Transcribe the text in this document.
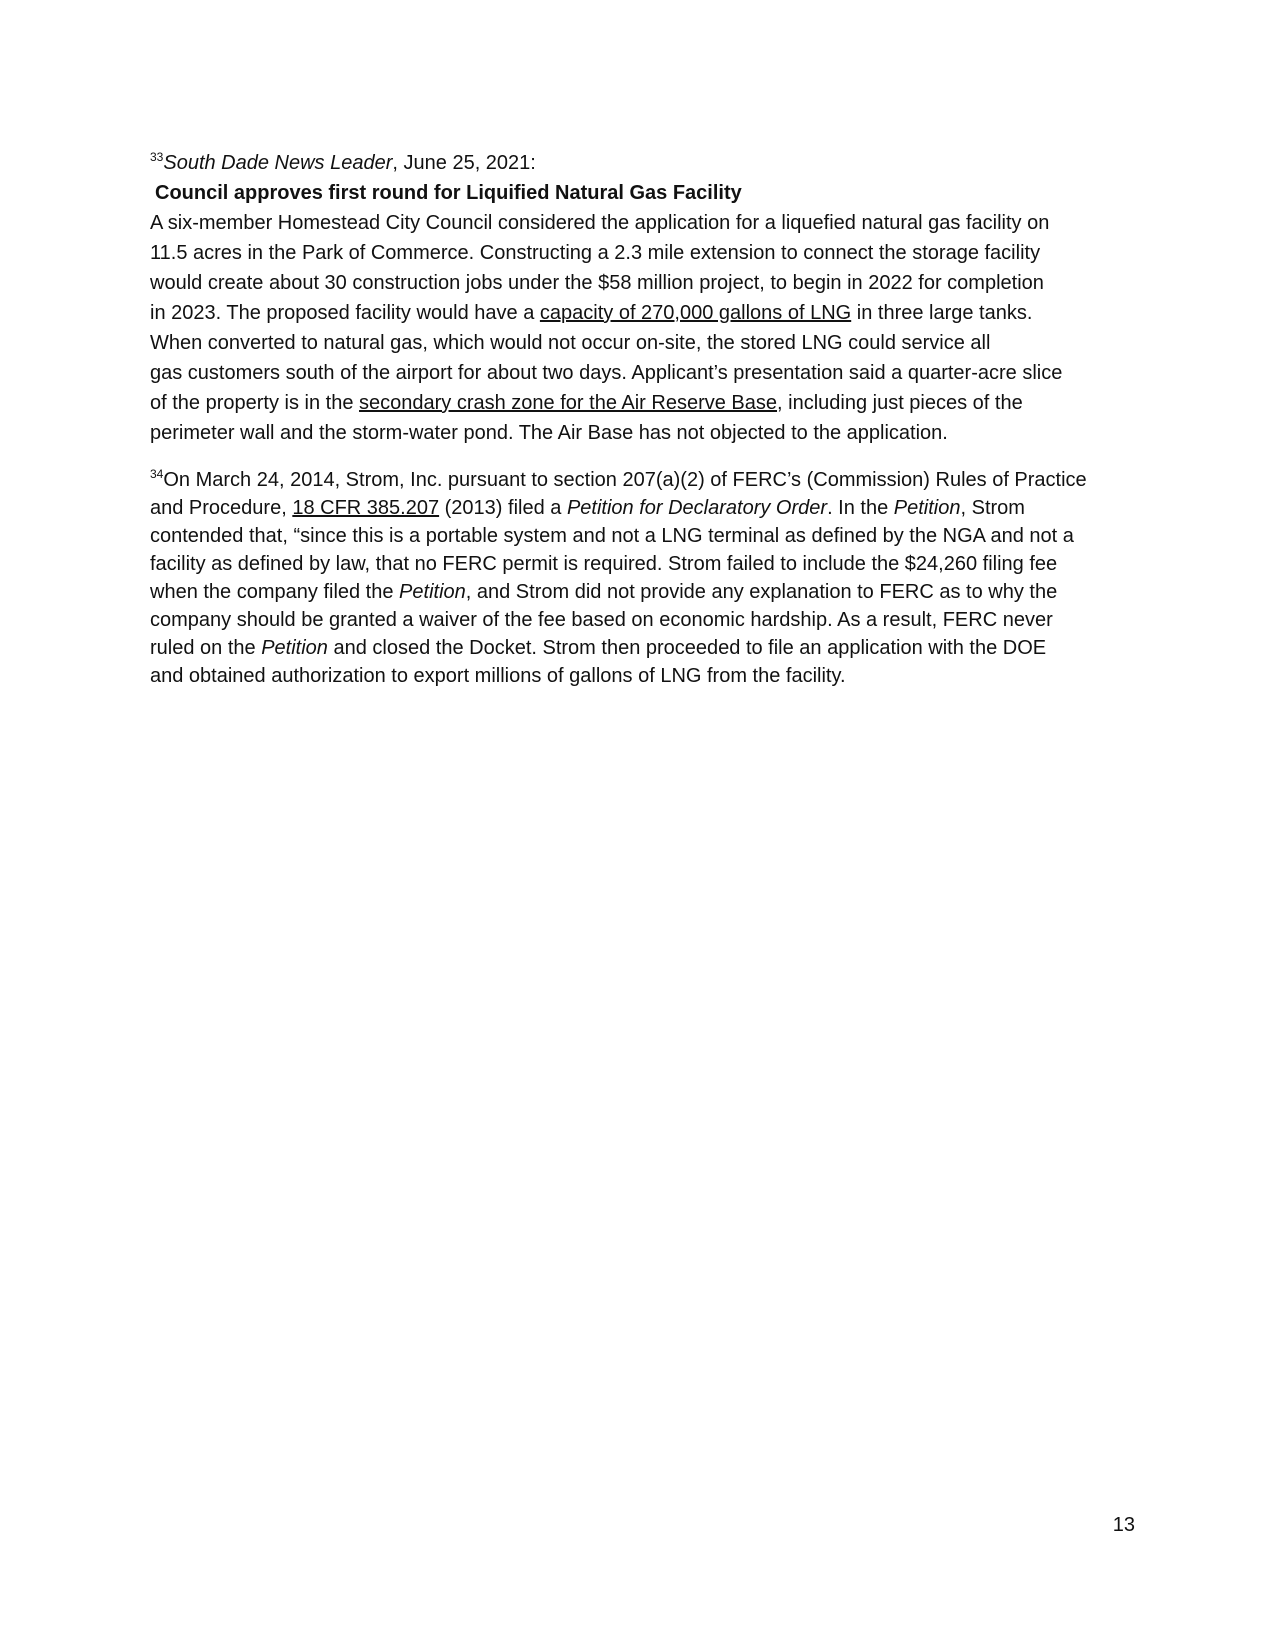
$^{33}$South Dade News Leader, June 25, 2021:
Council approves first round for Liquified Natural Gas Facility
A six-member Homestead City Council considered the application for a liquefied natural gas facility on
11.5 acres in the Park of Commerce. Constructing a 2.3 mile extension to connect the storage facility
would create about 30 construction jobs under the $58 million project, to begin in 2022 for completion
in 2023. The proposed facility would have a capacity of 270,000 gallons of LNG in three large tanks.
When converted to natural gas, which would not occur on-site, the stored LNG could service all
gas customers south of the airport for about two days. Applicant’s presentation said a quarter-acre slice
of the property is in the secondary crash zone for the Air Reserve Base, including just pieces of the
perimeter wall and the storm-water pond. The Air Base has not objected to the application.
$^{34}$On March 24, 2014, Strom, Inc. pursuant to section 207(a)(2) of FERC’s (Commission) Rules of Practice
and Procedure, 18 CFR 385.207 (2013) filed a Petition for Declaratory Order. In the Petition, Strom
contended that, “since this is a portable system and not a LNG terminal as defined by the NGA and not a
facility as defined by law, that no FERC permit is required. Strom failed to include the $24,260 filing fee
when the company filed the Petition, and Strom did not provide any explanation to FERC as to why the
company should be granted a waiver of the fee based on economic hardship. As a result, FERC never
ruled on the Petition and closed the Docket. Strom then proceeded to file an application with the DOE
and obtained authorization to export millions of gallons of LNG from the facility.
13
